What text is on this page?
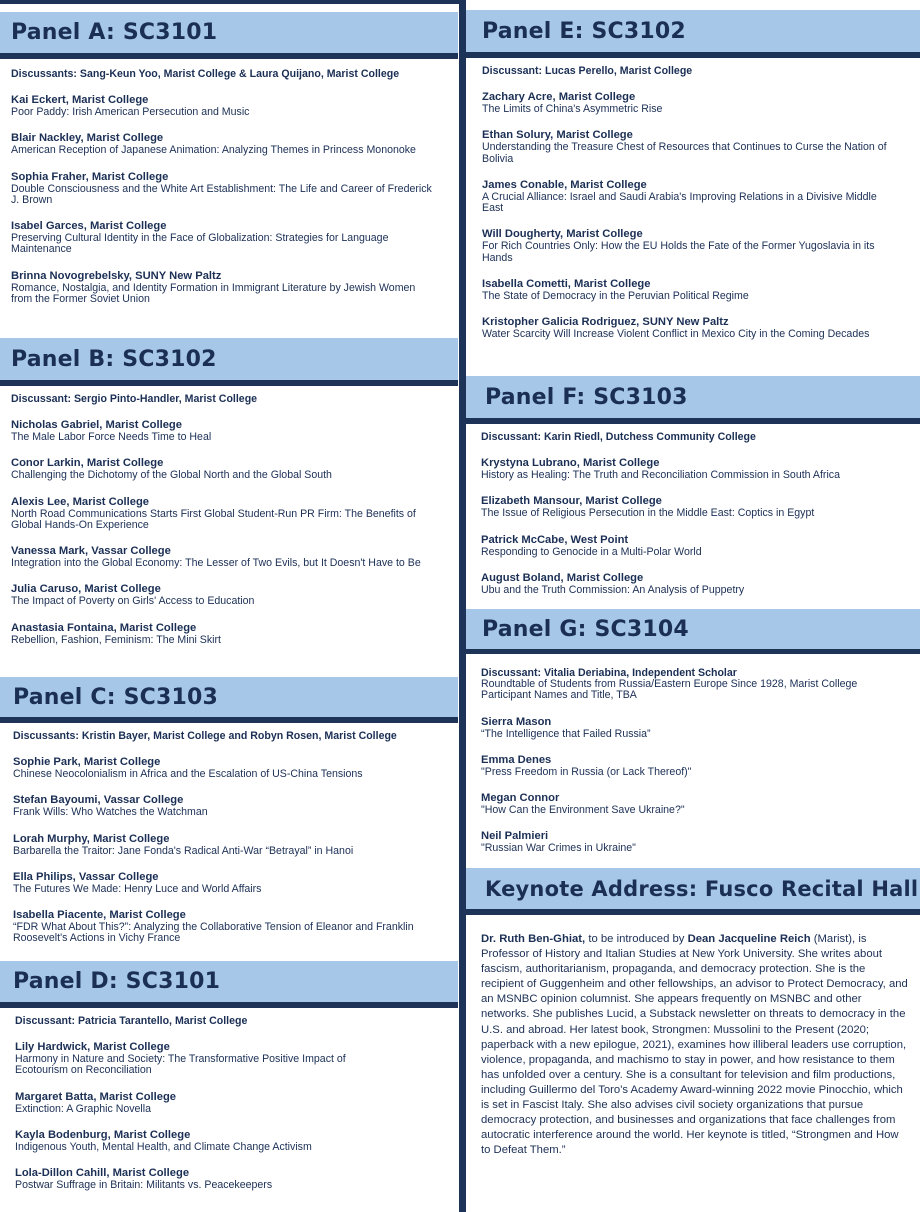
Panel A: SC3101
Discussants: Sang-Keun Yoo, Marist College & Laura Quijano, Marist College
Kai Eckert, Marist College
Poor Paddy: Irish American Persecution and Music
Blair Nackley, Marist College
American Reception of Japanese Animation: Analyzing Themes in Princess Mononoke
Sophia Fraher, Marist College
Double Consciousness and the White Art Establishment: The Life and Career of Frederick J. Brown
Isabel Garces, Marist College
Preserving Cultural Identity in the Face of Globalization: Strategies for Language Maintenance
Brinna Novogrebelsky, SUNY New Paltz
Romance, Nostalgia, and Identity Formation in Immigrant Literature by Jewish Women from the Former Soviet Union
Panel B: SC3102
Discussant: Sergio Pinto-Handler, Marist College
Nicholas Gabriel, Marist College
The Male Labor Force Needs Time to Heal
Conor Larkin, Marist College
Challenging the Dichotomy of the Global North and the Global South
Alexis Lee, Marist College
North Road Communications Starts First Global Student-Run PR Firm: The Benefits of Global Hands-On Experience
Vanessa Mark, Vassar College
Integration into the Global Economy: The Lesser of Two Evils, but It Doesn't Have to Be
Julia Caruso, Marist College
The Impact of Poverty on Girls' Access to Education
Anastasia Fontaina, Marist College
Rebellion, Fashion, Feminism: The Mini Skirt
Panel C: SC3103
Discussants: Kristin Bayer, Marist College and Robyn Rosen, Marist College
Sophie Park, Marist College
Chinese Neocolonialism in Africa and the Escalation of US-China Tensions
Stefan Bayoumi, Vassar College
Frank Wills: Who Watches the Watchman
Lorah Murphy, Marist College
Barbarella the Traitor: Jane Fonda's Radical Anti-War “Betrayal” in Hanoi
Ella Philips, Vassar College
The Futures We Made: Henry Luce and World Affairs
Isabella Piacente, Marist College
“FDR What About This?”: Analyzing the Collaborative Tension of Eleanor and Franklin Roosevelt's Actions in Vichy France
Panel D: SC3101
Discussant: Patricia Tarantello, Marist College
Lily Hardwick, Marist College
Harmony in Nature and Society: The Transformative Positive Impact of Ecotourism on Reconciliation
Margaret Batta, Marist College
Extinction: A Graphic Novella
Kayla Bodenburg, Marist College
Indigenous Youth, Mental Health, and Climate Change Activism
Lola-Dillon Cahill, Marist College
Postwar Suffrage in Britain: Militants vs. Peacekeepers
Panel E: SC3102
Discussant: Lucas Perello, Marist College
Zachary Acre, Marist College
The Limits of China's Asymmetric Rise
Ethan Solury, Marist College
Understanding the Treasure Chest of Resources that Continues to Curse the Nation of Bolivia
James Conable, Marist College
A Crucial Alliance: Israel and Saudi Arabia's Improving Relations in a Divisive Middle East
Will Dougherty, Marist College
For Rich Countries Only: How the EU Holds the Fate of the Former Yugoslavia in its Hands
Isabella Cometti, Marist College
The State of Democracy in the Peruvian Political Regime
Kristopher Galicia Rodriguez, SUNY New Paltz
Water Scarcity Will Increase Violent Conflict in Mexico City in the Coming Decades
Panel F: SC3103
Discussant: Karin Riedl, Dutchess Community College
Krystyna Lubrano, Marist College
History as Healing: The Truth and Reconciliation Commission in South Africa
Elizabeth Mansour, Marist College
The Issue of Religious Persecution in the Middle East: Coptics in Egypt
Patrick McCabe, West Point
Responding to Genocide in a Multi-Polar World
August Boland, Marist College
Ubu and the Truth Commission: An Analysis of Puppetry
Panel G: SC3104
Discussant: Vitalia Deriabina, Independent Scholar
Roundtable of Students from Russia/Eastern Europe Since 1928, Marist College Participant Names and Title, TBA
Sierra Mason
“The Intelligence that Failed Russia”
Emma Denes
"Press Freedom in Russia (or Lack Thereof)"
Megan Connor
"How Can the Environment Save Ukraine?"
Neil Palmieri
"Russian War Crimes in Ukraine"
Keynote Address: Fusco Recital Hall
Dr. Ruth Ben-Ghiat, to be introduced by Dean Jacqueline Reich (Marist), is Professor of History and Italian Studies at New York University. She writes about fascism, authoritarianism, propaganda, and democracy protection. She is the recipient of Guggenheim and other fellowships, an advisor to Protect Democracy, and an MSNBC opinion columnist. She appears frequently on MSNBC and other networks. She publishes Lucid, a Substack newsletter on threats to democracy in the U.S. and abroad. Her latest book, Strongmen: Mussolini to the Present (2020; paperback with a new epilogue, 2021), examines how illiberal leaders use corruption, violence, propaganda, and machismo to stay in power, and how resistance to them has unfolded over a century. She is a consultant for television and film productions, including Guillermo del Toro's Academy Award-winning 2022 movie Pinocchio, which is set in Fascist Italy. She also advises civil society organizations that pursue democracy protection, and businesses and organizations that face challenges from autocratic interference around the world. Her keynote is titled, “Strongmen and How to Defeat Them.”
